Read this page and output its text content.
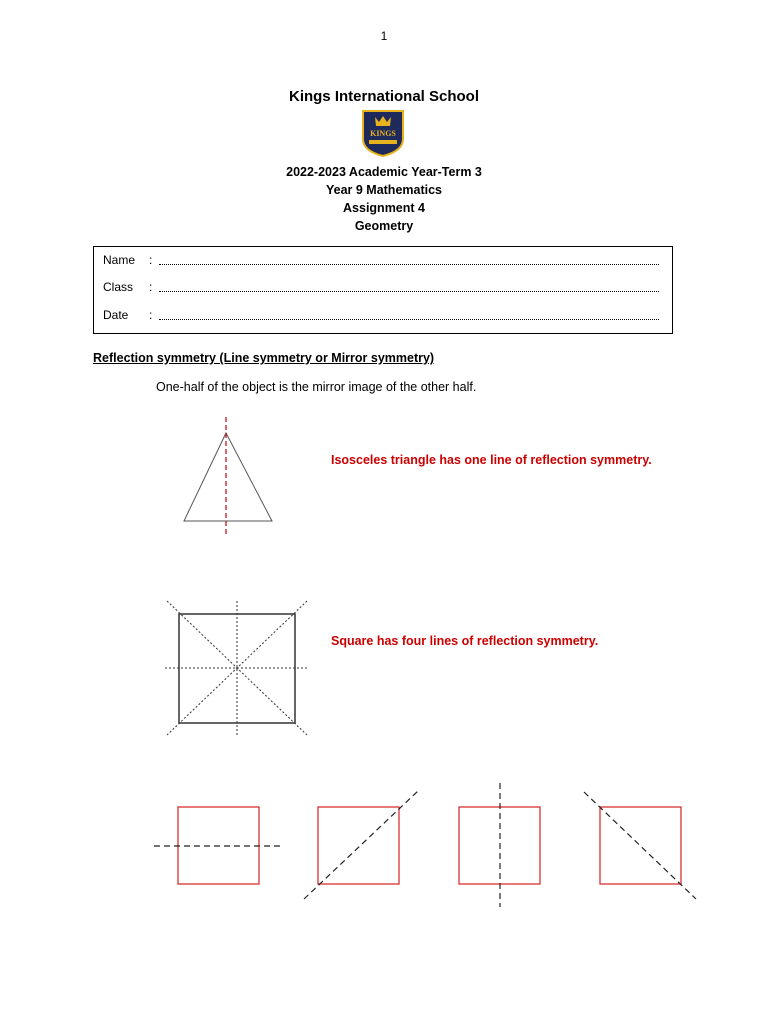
1
Kings International School
KINGS
2022-2023 Academic Year-Term 3
Year 9 Mathematics
Assignment 4
Geometry
Name :
Class :
Date :
Reflection symmetry (Line symmetry or Mirror symmetry)
One-half of the object is the mirror image of the other half.
Isosceles triangle has one line of reflection symmetry.
Square has four lines of reflection symmetry.
